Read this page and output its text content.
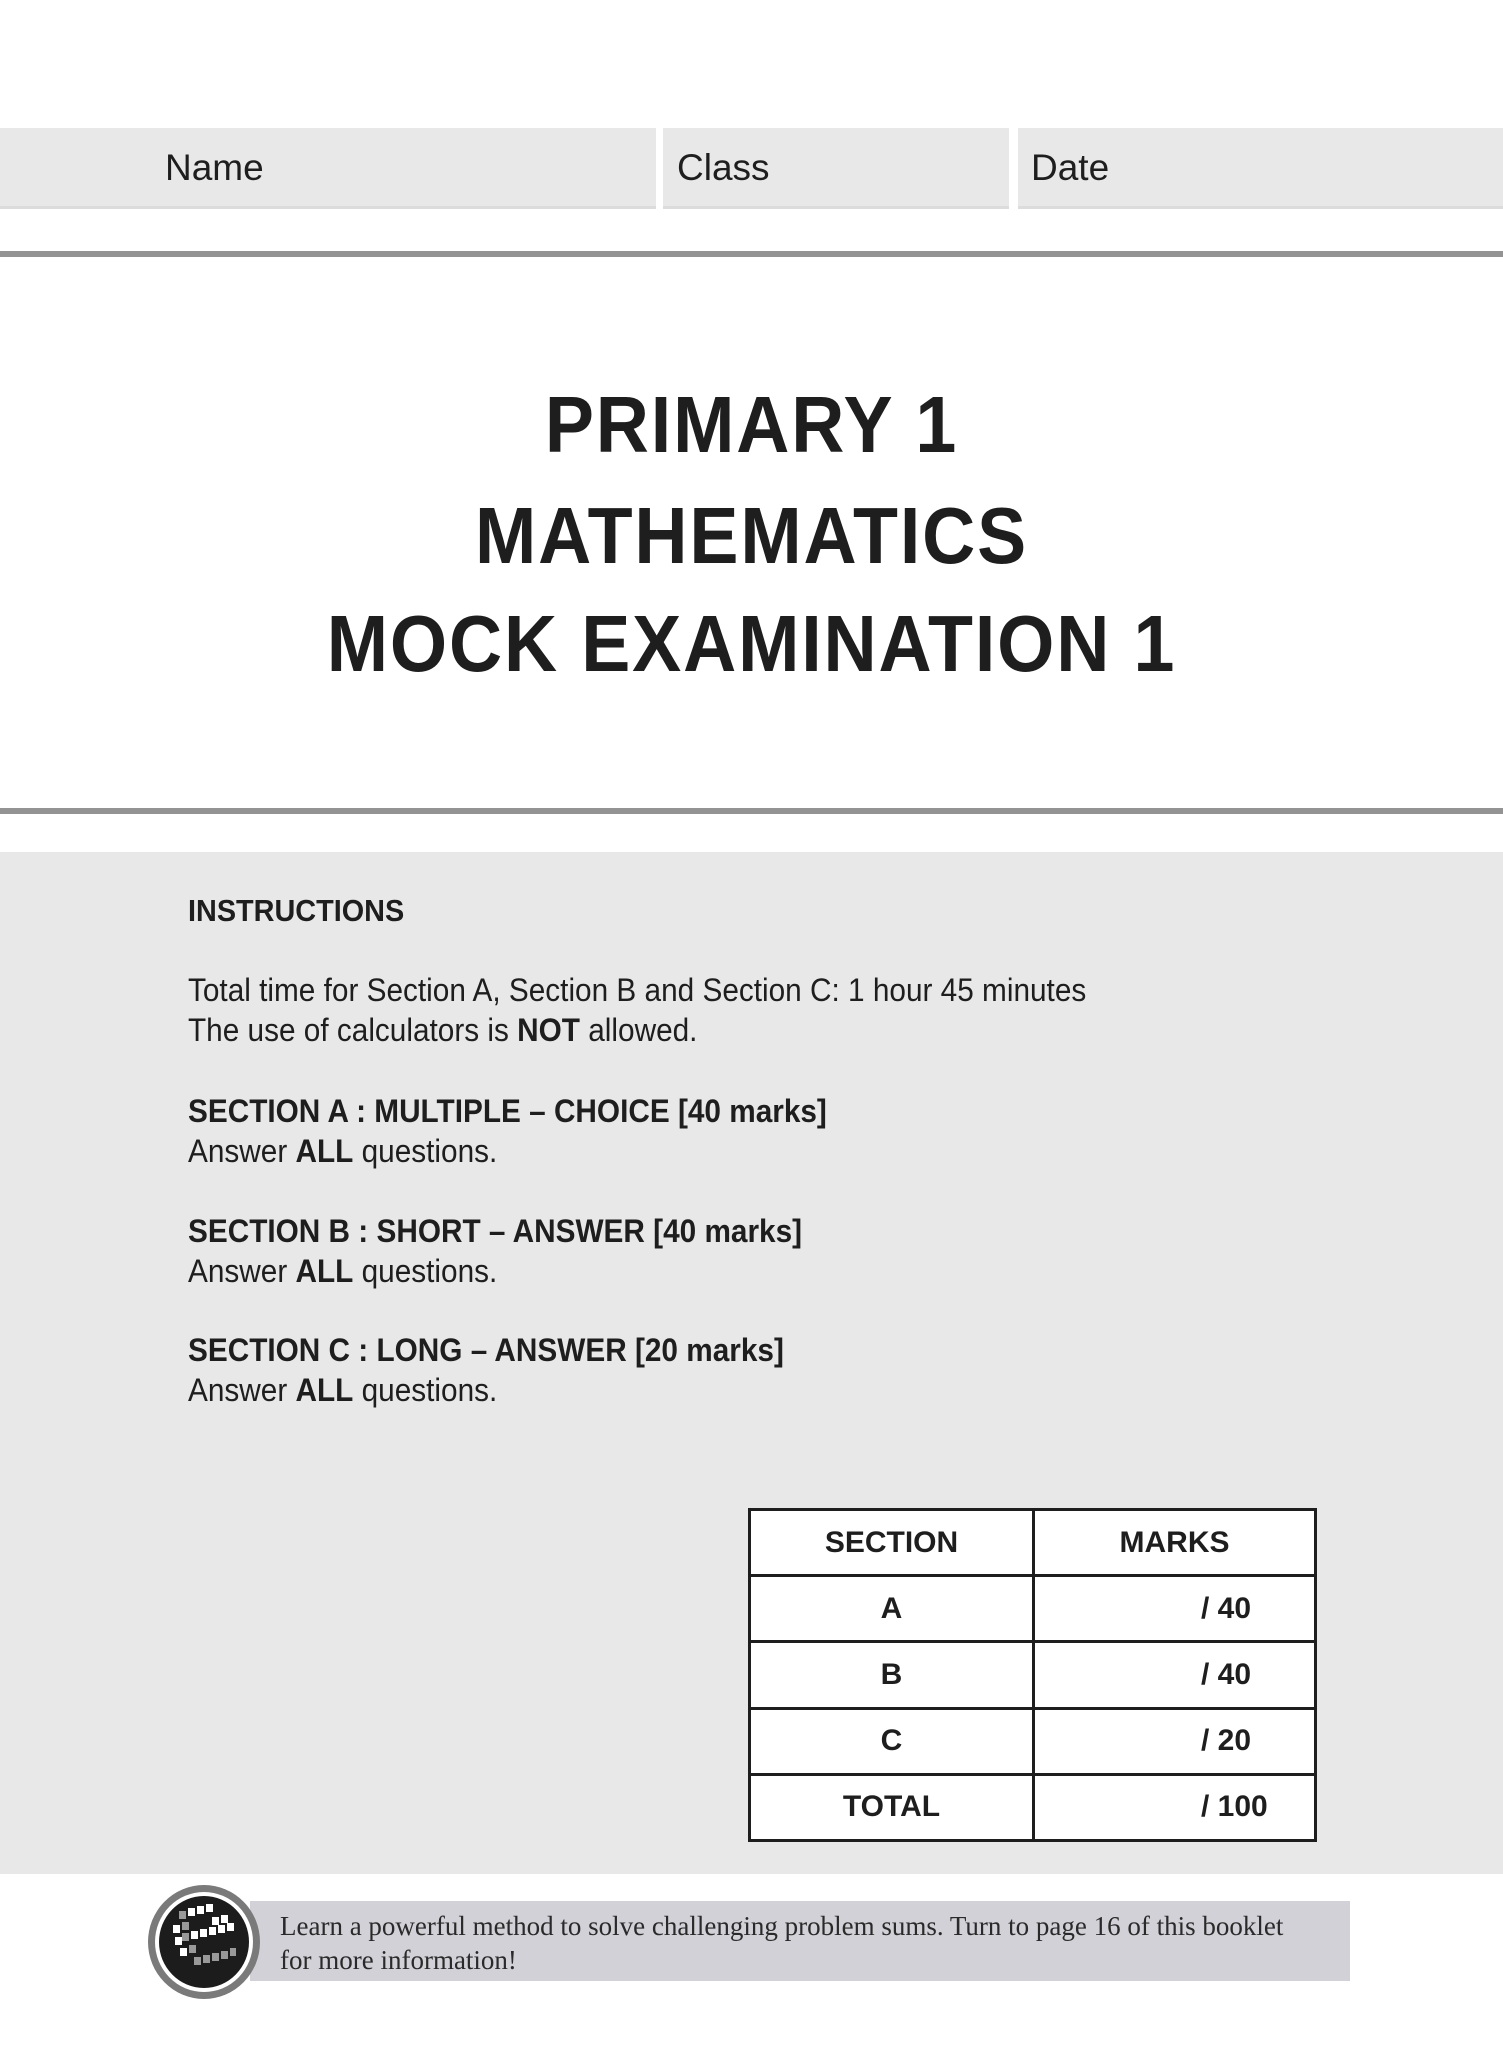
Name	Class	Date
PRIMARY 1
MATHEMATICS
MOCK EXAMINATION 1
INSTRUCTIONS
Total time for Section A, Section B and Section C: 1 hour 45 minutes
The use of calculators is NOT allowed.
SECTION A : MULTIPLE – CHOICE [40 marks]
Answer ALL questions.
SECTION B : SHORT – ANSWER [40 marks]
Answer ALL questions.
SECTION C : LONG – ANSWER [20 marks]
Answer ALL questions.
SECTION	MARKS
A	/ 40
B	/ 40
C	/ 20
TOTAL	/ 100
Learn a powerful method to solve challenging problem sums. Turn to page 16 of this booklet
for more information!
